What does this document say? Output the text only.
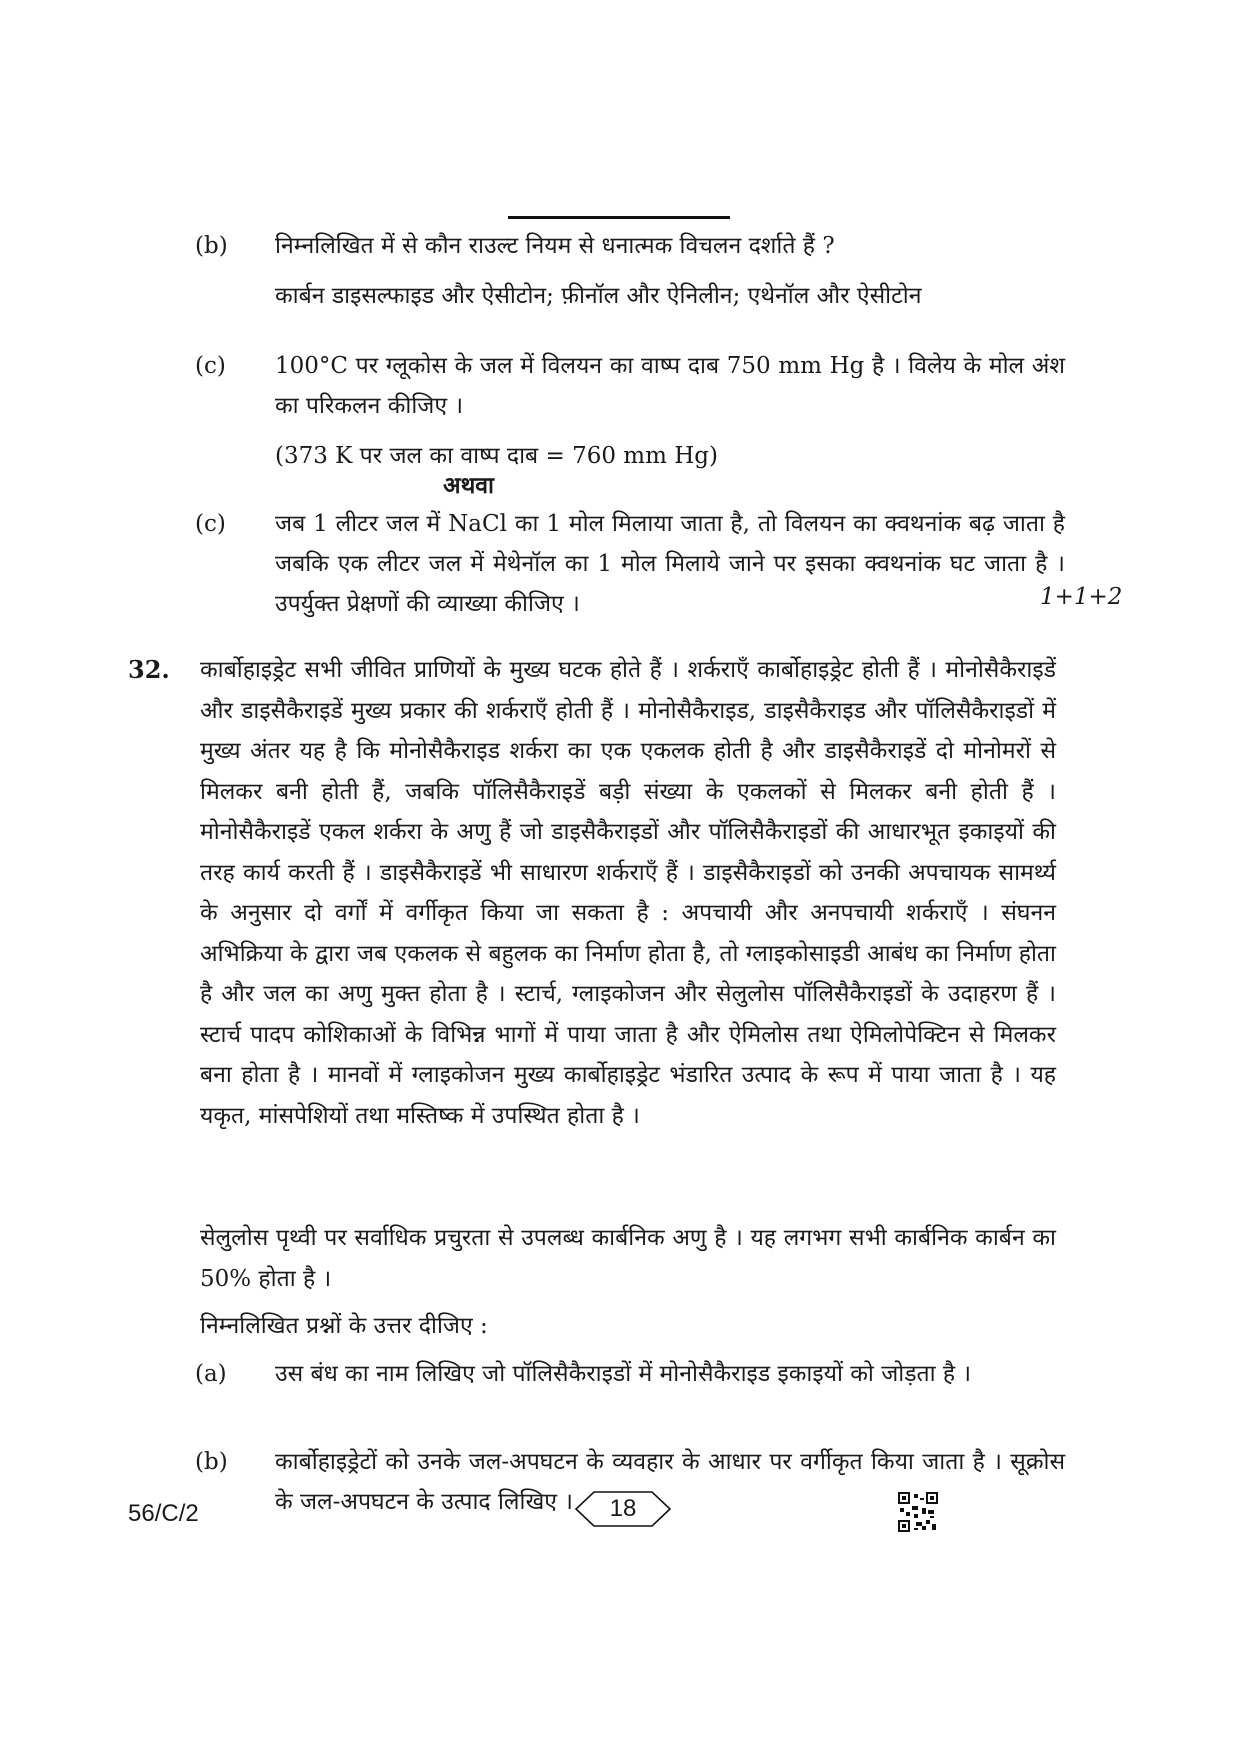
(b) निम्नलिखित में से कौन राउल्ट नियम से धनात्मक विचलन दर्शाते हैं ?

कार्बन डाइसल्फाइड और ऐसीटोन; फ़ीनॉल और ऐनिलीन; एथेनॉल और ऐसीटोन

(c) 100°C पर ग्लूकोस के जल में विलयन का वाष्प दाब 750 mm Hg है । विलेय के मोल अंश का परिकलन कीजिए ।

(373 K पर जल का वाष्प दाब = 760 mm Hg)

अथवा
(c) जब 1 लीटर जल में NaCl का 1 मोल मिलाया जाता है, तो विलयन का क्वथनांक बढ़ जाता है जबकि एक लीटर जल में मेथेनॉल का 1 मोल मिलाये जाने पर इसका क्वथनांक घट जाता है । उपर्युक्त प्रेक्षणों की व्याख्या कीजिए ।	1+1+2
32. कार्बोहाइड्रेट सभी जीवित प्राणियों के मुख्य घटक होते हैं । शर्कराएँ कार्बोहाइड्रेट होती हैं । मोनोसैकैराइडें और डाइसैकैराइडें मुख्य प्रकार की शर्कराएँ होती हैं । मोनोसैकैराइड, डाइसैकैराइड और पॉलिसैकैराइडों में मुख्य अंतर यह है कि मोनोसैकैराइड शर्करा का एक एकलक होती है और डाइसैकैराइडें दो मोनोमरों से मिलकर बनी होती हैं, जबकि पॉलिसैकैराइडें बड़ी संख्या के एकलकों से मिलकर बनी होती हैं । मोनोसैकैराइडें एकल शर्करा के अणु हैं जो डाइसैकैराइडों और पॉलिसैकैराइडों की आधारभूत इकाइयों की तरह कार्य करती हैं । डाइसैकैराइडें भी साधारण शर्कराएँ हैं । डाइसैकैराइडों को उनकी अपचायक सामर्थ्य के अनुसार दो वर्गों में वर्गीकृत किया जा सकता है : अपचायी और अनपचायी शर्कराएँ । संघनन अभिक्रिया के द्वारा जब एकलक से बहुलक का निर्माण होता है, तो ग्लाइकोसाइडी आबंध का निर्माण होता है और जल का अणु मुक्त होता है । स्टार्च, ग्लाइकोजन और सेलुलोस पॉलिसैकैराइडों के उदाहरण हैं । स्टार्च पादप कोशिकाओं के विभिन्न भागों में पाया जाता है और ऐमिलोस तथा ऐमिलोपेक्टिन से मिलकर बना होता है । मानवों में ग्लाइकोजन मुख्य कार्बोहाइड्रेट भंडारित उत्पाद के रूप में पाया जाता है । यह यकृत, मांसपेशियों तथा मस्तिष्क में उपस्थित होता है ।

सेलुलोस पृथ्वी पर सर्वाधिक प्रचुरता से उपलब्ध कार्बनिक अणु है । यह लगभग सभी कार्बनिक कार्बन का 50% होता है ।

निम्नलिखित प्रश्नों के उत्तर दीजिए :

(a) उस बंध का नाम लिखिए जो पॉलिसैकैराइडों में मोनोसैकैराइड इकाइयों को जोड़ता है ।

(b) कार्बोहाइड्रेटों को उनके जल-अपघटन के व्यवहार के आधार पर वर्गीकृत किया जाता है । सूक्रोस के जल-अपघटन के उत्पाद लिखिए ।

56/C/2	18
